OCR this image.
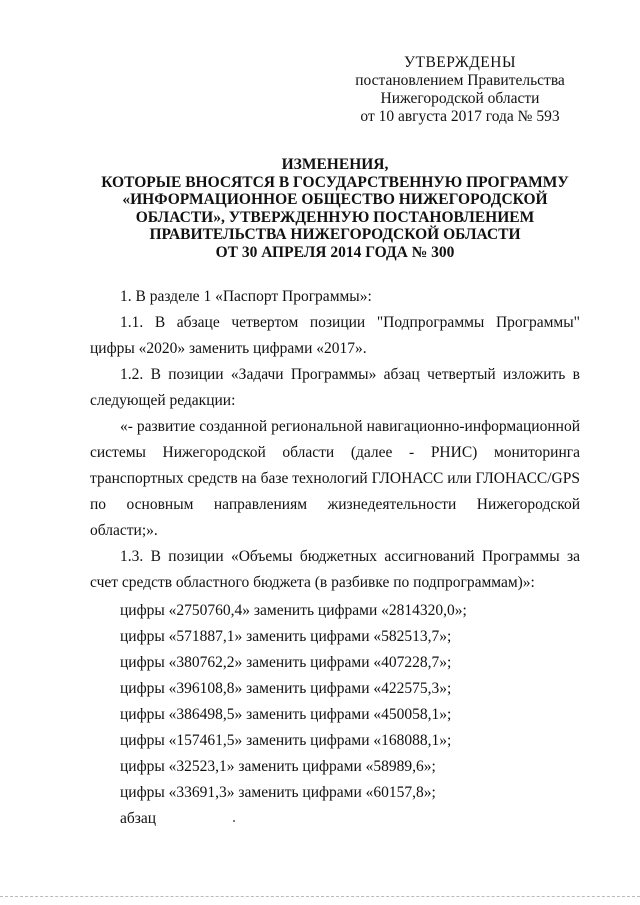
УТВЕРЖДЕНЫ
постановлением Правительства
Нижегородской области
от 10 августа 2017 года № 593
ИЗМЕНЕНИЯ,
КОТОРЫЕ ВНОСЯТСЯ В ГОСУДАРСТВЕННУЮ ПРОГРАММУ
«ИНФОРМАЦИОННОЕ ОБЩЕСТВО НИЖЕГОРОДСКОЙ
ОБЛАСТИ», УТВЕРЖДЕННУЮ ПОСТАНОВЛЕНИЕМ
ПРАВИТЕЛЬСТВА НИЖЕГОРОДСКОЙ ОБЛАСТИ
ОТ 30 АПРЕЛЯ 2014 ГОДА № 300

1. В разделе 1 «Паспорт Программы»:

1.1. В абзаце четвертом позиции "Подпрограммы Программы" цифры «2020» заменить цифрами «2017».

1.2. В позиции «Задачи Программы» абзац четвертый изложить в следующей редакции:

«- развитие созданной региональной навигационно-информационной системы Нижегородской области (далее - РНИС) мониторинга транспортных средств на базе технологий ГЛОНАСС или ГЛОНАСС/GPS по основным направлениям жизнедеятельности Нижегородской области;».

1.3. В позиции «Объемы бюджетных ассигнований Программы за счет средств областного бюджета (в разбивке по подпрограммам)»:

цифры «2750760,4» заменить цифрами «2814320,0»;

цифры «571887,1» заменить цифрами «582513,7»;

цифры «380762,2» заменить цифрами «407228,7»;

цифры «396108,8» заменить цифрами «422575,3»;

цифры «386498,5» заменить цифрами «450058,1»;

цифры «157461,5» заменить цифрами «168088,1»;

цифры «32523,1» заменить цифрами «58989,6»;

цифры «33691,3» заменить цифрами «60157,8»;

абзац
